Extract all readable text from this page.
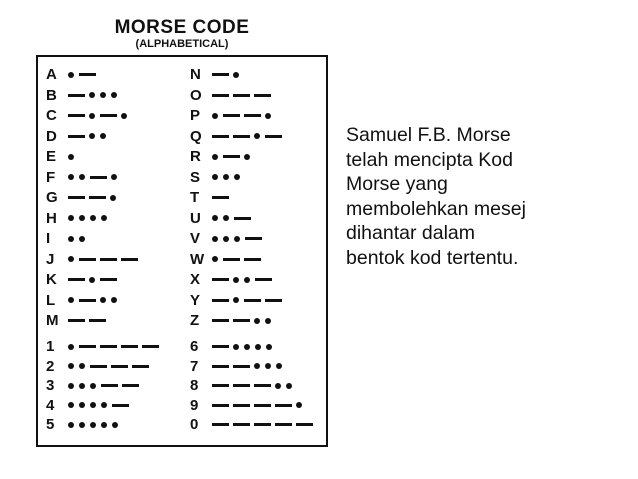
MORSE CODE
(ALPHABETICAL)
A
B
C
D
E
F
G
H
I
J
K
L
M
N
O
P
Q
R
S
T
U
V
W
X
Y
Z
1
2
3
4
5
6
7
8
9
0
Samuel F.B. Morse
telah mencipta Kod
Morse yang
membolehkan mesej
dihantar dalam
bentok kod tertentu.
